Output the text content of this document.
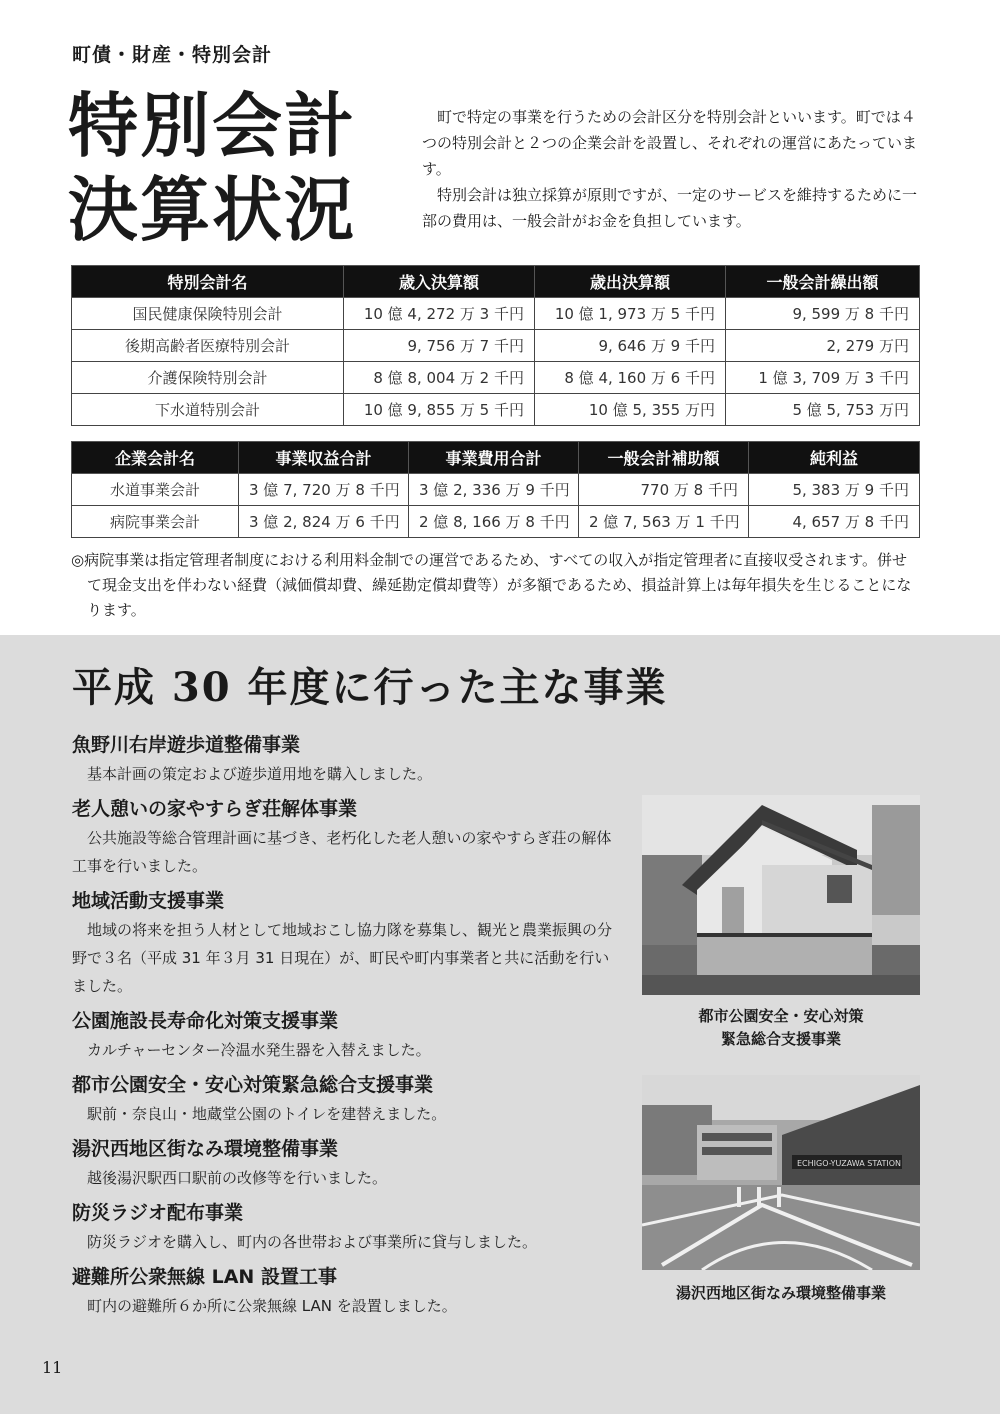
町債・財産・特別会計
特別会計
決算状況

町で特定の事業を行うための会計区分を特別会計といいます。町では４つの特別会計と２つの企業会計を設置し、それぞれの運営にあたっています。

特別会計は独立採算が原則ですが、一定のサービスを維持するために一部の費用は、一般会計がお金を負担しています。

特別会計名	歳入決算額	歳出決算額	一般会計繰出額
国民健康保険特別会計	10 億 4, 272 万 3 千円	10 億 1, 973 万 5 千円	9, 599 万 8 千円
後期高齢者医療特別会計	9, 756 万 7 千円	9, 646 万 9 千円	2, 279 万円
介護保険特別会計	8 億 8, 004 万 2 千円	8 億 4, 160 万 6 千円	1 億 3, 709 万 3 千円
下水道特別会計	10 億 9, 855 万 5 千円	10 億 5, 355 万円	5 億 5, 753 万円
企業会計名	事業収益合計	事業費用合計	一般会計補助額	純利益
水道事業会計	3 億 7, 720 万 8 千円	3 億 2, 336 万 9 千円	770 万 8 千円	5, 383 万 9 千円
病院事業会計	3 億 2, 824 万 6 千円	2 億 8, 166 万 8 千円	2 億 7, 563 万 1 千円	4, 657 万 8 千円
◎病院事業は指定管理者制度における利用料金制での運営であるため、すべての収入が指定管理者に直接収受されます。併せ
て現金支出を伴わない経費（減価償却費、繰延勘定償却費等）が多額であるため、損益計算上は毎年損失を生じることにな
ります。
平成 30 年度に行った主な事業
魚野川右岸遊歩道整備事業

基本計画の策定および遊歩道用地を購入しました。

老人憩いの家やすらぎ荘解体事業

公共施設等総合管理計画に基づき、老朽化した老人憩いの家やすらぎ荘の解体工事を行いました。

地域活動支援事業

地域の将来を担う人材として地域おこし協力隊を募集し、観光と農業振興の分野で３名（平成 31 年３月 31 日現在）が、町民や町内事業者と共に活動を行いました。

公園施設長寿命化対策支援事業

カルチャーセンター冷温水発生器を入替えました。

都市公園安全・安心対策緊急総合支援事業

駅前・奈良山・地蔵堂公園のトイレを建替えました。

湯沢西地区街なみ環境整備事業

越後湯沢駅西口駅前の改修等を行いました。

防災ラジオ配布事業

防災ラジオを購入し、町内の各世帯および事業所に貸与しました。

避難所公衆無線 LAN 設置工事

町内の避難所６か所に公衆無線 LAN を設置しました。

都市公園安全・安心対策
緊急総合支援事業
ECHIGO-YUZAWA STATION
湯沢西地区街なみ環境整備事業
11
